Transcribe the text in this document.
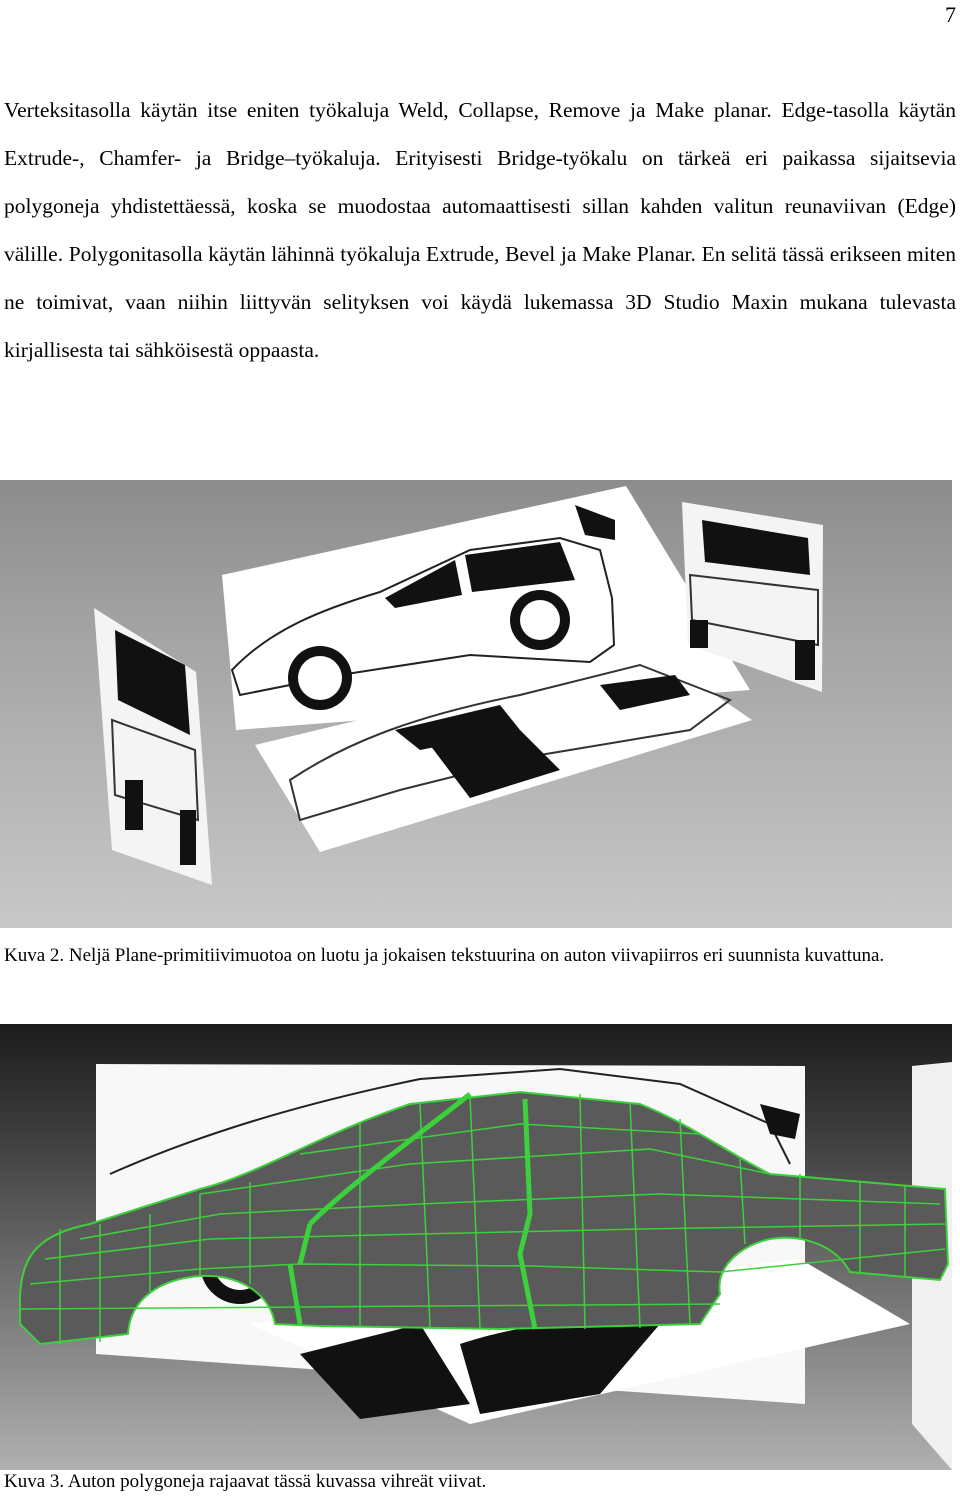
7

Verteksitasolla käytän itse eniten työkaluja Weld, Collapse, Remove ja Make planar. Edge-tasolla käytän Extrude-, Chamfer- ja Bridge–työkaluja. Erityisesti Bridge-työkalu on tärkeä eri paikassa sijaitsevia polygoneja yhdistettäessä, koska se muodostaa automaattisesti sillan kahden valitun reunaviivan (Edge) välille. Polygonitasolla käytän lähinnä työkaluja Extrude, Bevel ja Make Planar. En selitä tässä erikseen miten ne toimivat, vaan niihin liittyvän selityksen voi käydä lukemassa 3D Studio Maxin mukana tulevasta kirjallisesta tai sähköisestä oppaasta.

Kuva 2. Neljä Plane-primitiivimuotoa on luotu ja jokaisen tekstuurina on auton viivapiirros eri suunnista kuvattuna.

Kuva 3. Auton polygoneja rajaavat tässä kuvassa vihreät viivat.
